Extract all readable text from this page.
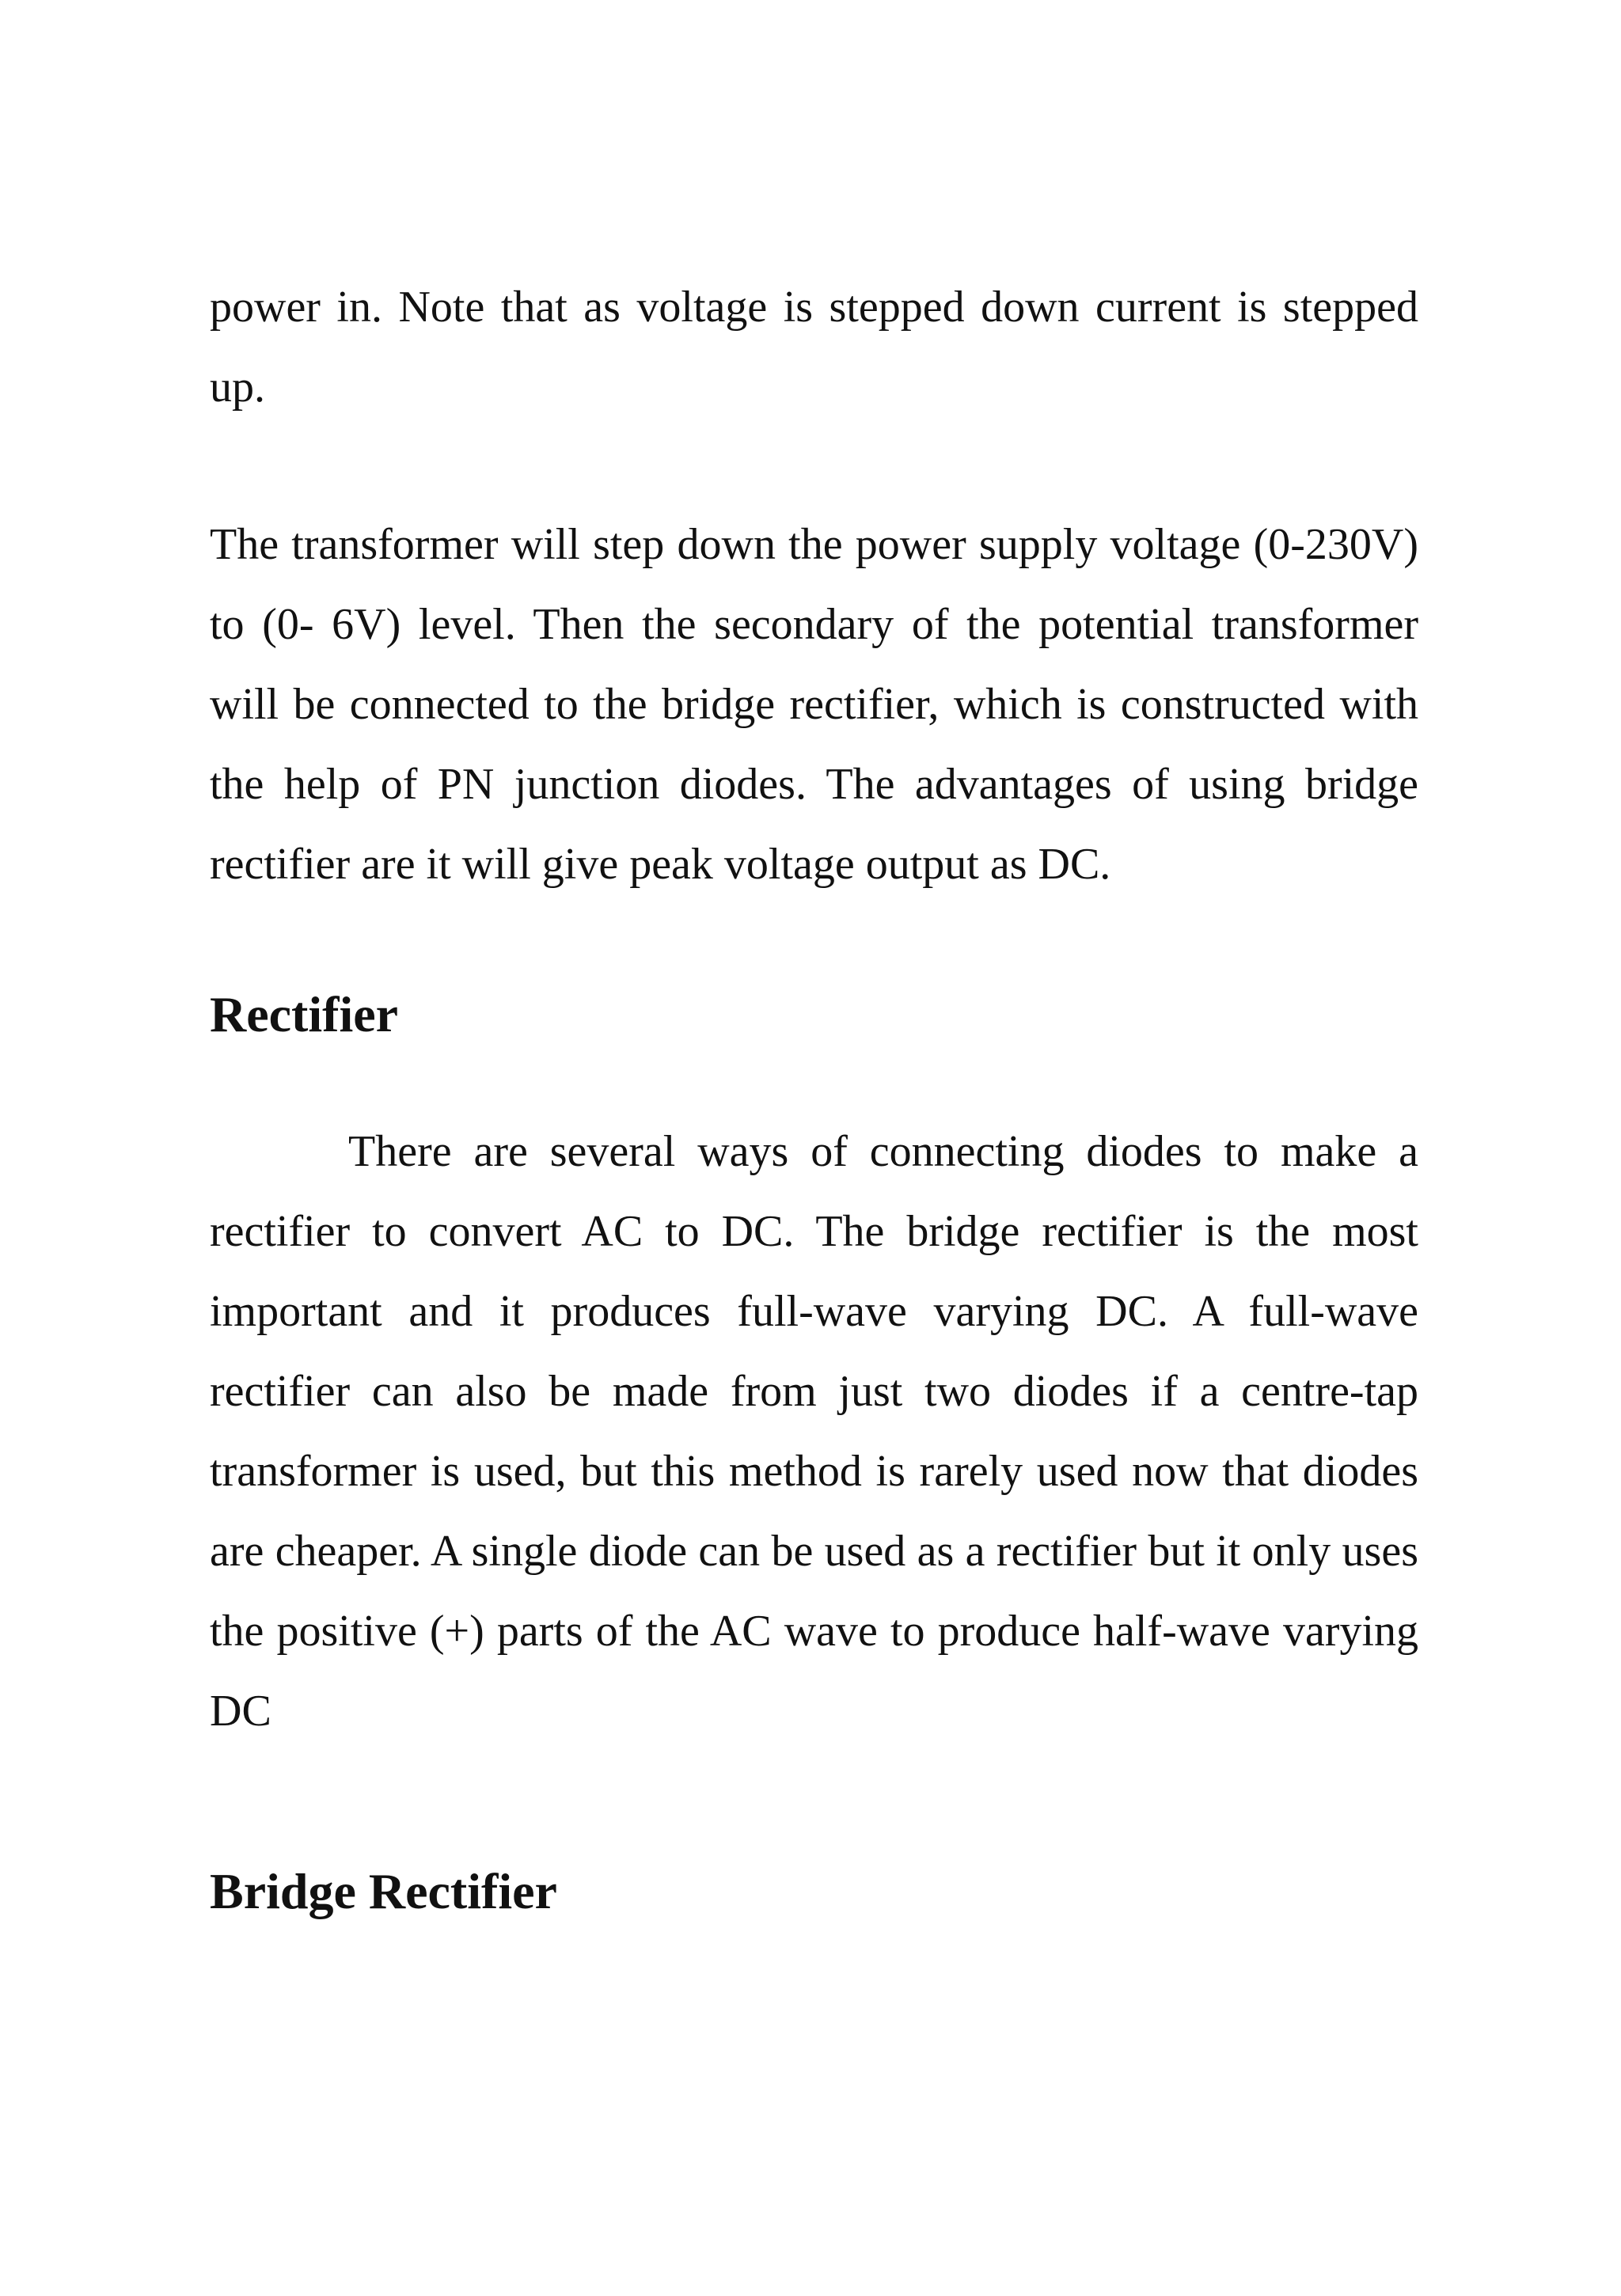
power in. Note that as voltage is stepped down current is stepped up.

The transformer will step down the power supply voltage (0-230V) to (0- 6V) level. Then the secondary of the potential transformer will be connected to the bridge rectifier, which is constructed with the help of PN junction diodes. The advantages of using bridge rectifier are it will give peak voltage output as DC.

Rectifier

There are several ways of connecting diodes to make a rectifier to convert AC to DC. The bridge rectifier is the most important and it produces full-wave varying DC. A full-wave rectifier can also be made from just two diodes if a centre-tap transformer is used, but this method is rarely used now that diodes are cheaper. A single diode can be used as a rectifier but it only uses the positive (+) parts of the AC wave to produce half-wave varying DC

Bridge Rectifier
